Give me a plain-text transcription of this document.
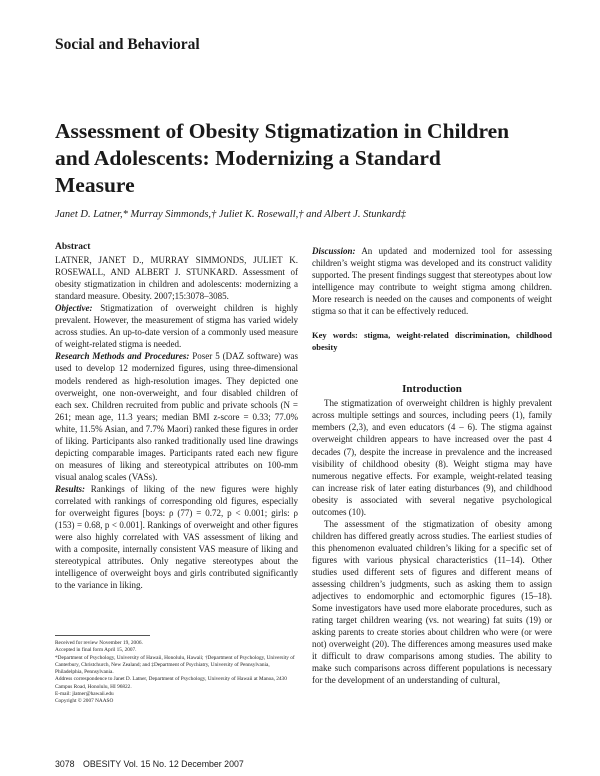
Social and Behavioral
Assessment of Obesity Stigmatization in Children and Adolescents: Modernizing a Standard Measure
Janet D. Latner,* Murray Simmonds,† Juliet K. Rosewall,† and Albert J. Stunkard‡

Abstract

LATNER, JANET D., MURRAY SIMMONDS, JULIET K. ROSEWALL, AND ALBERT J. STUNKARD. Assessment of obesity stigmatization in children and adolescents: modernizing a standard measure. Obesity. 2007;15:3078–3085.

Objective: Stigmatization of overweight children is highly prevalent. However, the measurement of stigma has varied widely across studies. An up-to-date version of a commonly used measure of weight-related stigma is needed.

Research Methods and Procedures: Poser 5 (DAZ software) was used to develop 12 modernized figures, using three-dimensional models rendered as high-resolution images. They depicted one overweight, one non-overweight, and four disabled children of each sex. Children recruited from public and private schools (N = 261; mean age, 11.3 years; median BMI z-score = 0.33; 77.0% white, 11.5% Asian, and 7.7% Maori) ranked these figures in order of liking. Participants also ranked traditionally used line drawings depicting comparable images. Participants rated each new figure on measures of liking and stereotypical attributes on 100-mm visual analog scales (VASs).

Results: Rankings of liking of the new figures were highly correlated with rankings of corresponding old figures, especially for overweight figures [boys: ρ (77) = 0.72, p < 0.001; girls: ρ (153) = 0.68, p < 0.001]. Rankings of overweight and other figures were also highly correlated with VAS assessment of liking and with a composite, internally consistent VAS measure of liking and stereotypical attributes. Only negative stereotypes about the intelligence of overweight boys and girls contributed significantly to the variance in liking.

Discussion: An updated and modernized tool for assessing children’s weight stigma was developed and its construct validity supported. The present findings suggest that stereotypes about low intelligence may contribute to weight stigma among children. More research is needed on the causes and components of weight stigma so that it can be effectively reduced.

Key words: stigma, weight-related discrimination, childhood obesity

Introduction

The stigmatization of overweight children is highly prevalent across multiple settings and sources, including peers (1), family members (2,3), and even educators (4 – 6). The stigma against overweight children appears to have increased over the past 4 decades (7), despite the increase in prevalence and the increased visibility of childhood obesity (8). Weight stigma may have numerous negative effects. For example, weight-related teasing can increase risk of later eating disturbances (9), and childhood obesity is associated with several negative psychological outcomes (10).

The assessment of the stigmatization of obesity among children has differed greatly across studies. The earliest studies of this phenomenon evaluated children’s liking for a specific set of figures with various physical characteristics (11–14). Other studies used different sets of figures and different means of assessing children’s judgments, such as asking them to assign adjectives to endomorphic and ectomorphic figures (15–18). Some investigators have used more elaborate procedures, such as rating target children wearing (vs. not wearing) fat suits (19) or asking parents to create stories about children who were (or were not) overweight (20). The differences among measures used make it difficult to draw comparisons among studies. The ability to make such comparisons across different populations is necessary for the development of an understanding of cultural,

Received for review November 19, 2006.

Accepted in final form April 15, 2007.

*Department of Psychology, University of Hawaii, Honolulu, Hawaii; †Department of Psychology, University of Canterbury, Christchurch, New Zealand; and ‡Department of Psychiatry, University of Pennsylvania, Philadelphia, Pennsylvania.

Address correspondence to Janet D. Latner, Department of Psychology, University of Hawaii at Manoa, 2430 Campus Road, Honolulu, HI 96822.

E-mail: jlatner@hawaii.edu

Copyright © 2007 NAASO

3078 OBESITY Vol. 15 No. 12 December 2007
